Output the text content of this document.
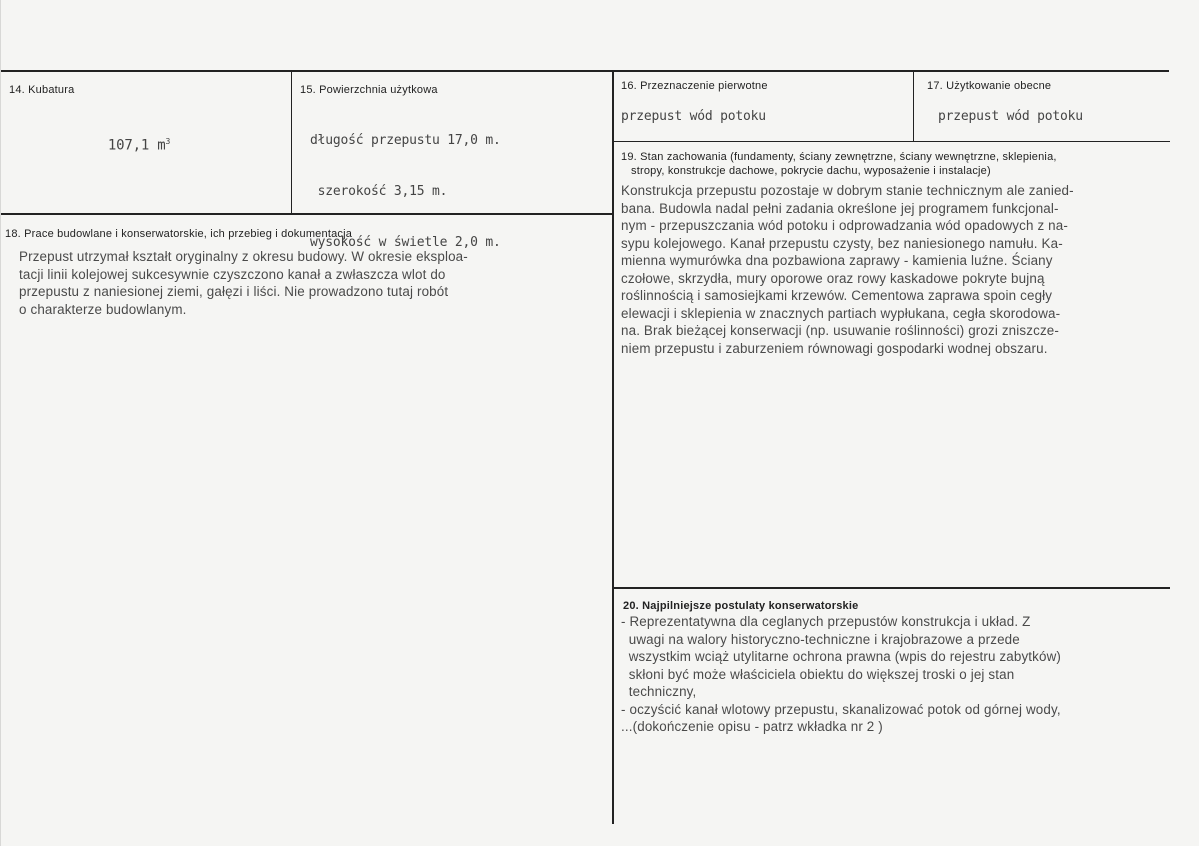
14. Kubatura

107,1 $m^3$

15. Powierzchnia użytkowa

długość przepustu 17,0 m.

szerokość 3,15 m.

wysokość w świetle 2,0 m.

16. Przeznaczenie pierwotne
przepust wód potoku
17. Użytkowanie obecne
przepust wód potoku
18. Prace budowlane i konserwatorskie, ich przebieg i dokumentacja
Przepust utrzymał kształt oryginalny z okresu budowy. W okresie eksploa-
tacji linii kolejowej sukcesywnie czyszczono kanał a zwłaszcza wlot do
przepustu z naniesionej ziemi, gałęzi i liści. Nie prowadzono tutaj robót
o charakterze budowlanym.
19. Stan zachowania (fundamenty, ściany zewnętrzne, ściany wewnętrzne, sklepienia,
stropy, konstrukcje dachowe, pokrycie dachu, wyposażenie i instalacje)
Konstrukcja przepustu pozostaje w dobrym stanie technicznym ale zanied-
bana. Budowla nadal pełni zadania określone jej programem funkcjonal-
nym - przepuszczania wód potoku i odprowadzania wód opadowych z na-
sypu kolejowego. Kanał przepustu czysty, bez naniesionego namułu. Ka-
mienna wymurówka dna pozbawiona zaprawy - kamienia luźne. Ściany
czołowe, skrzydła, mury oporowe oraz rowy kaskadowe pokryte bujną
roślinnością i samosiejkami krzewów. Cementowa zaprawa spoin cegły
elewacji i sklepienia w znacznych partiach wypłukana, cegła skorodowa-
na. Brak bieżącej konserwacji (np. usuwanie roślinności) grozi zniszcze-
niem przepustu i zaburzeniem równowagi gospodarki wodnej obszaru.
20. Najpilniejsze postulaty konserwatorskie
- Reprezentatywna dla ceglanych przepustów konstrukcja i układ. Z
uwagi na walory historyczno-techniczne i krajobrazowe a przede
wszystkim wciąż utylitarne ochrona prawna (wpis do rejestru zabytków)
skłoni być może właściciela obiektu do większej troski o jej stan
techniczny,
- oczyścić kanał wlotowy przepustu, skanalizować potok od górnej wody,
...(dokończenie opisu - patrz wkładka nr 2 )
